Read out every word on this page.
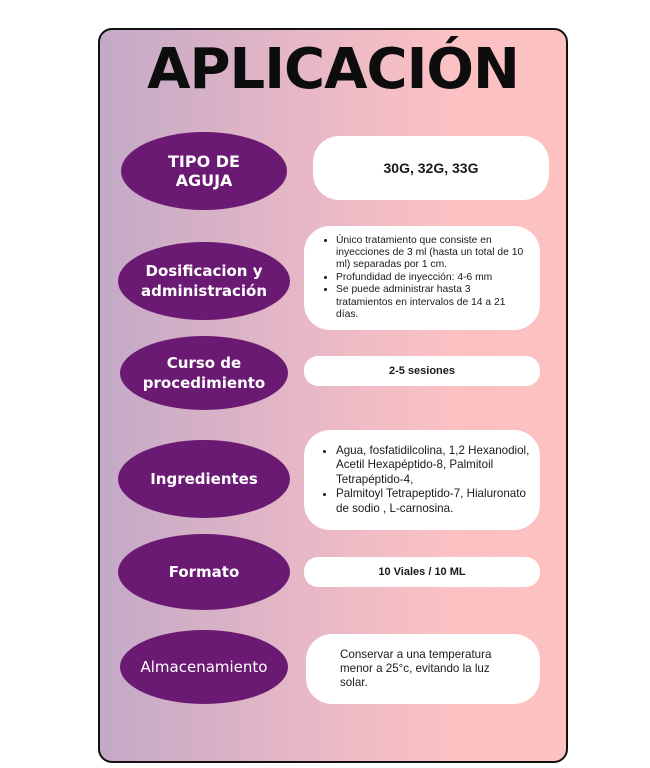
APLICACIÓN
TIPO DE AGUJA
30G, 32G, 33G
Dosificacion y administración
• Único tratamiento que consiste en inyecciones de 3 ml (hasta un total de 10 ml) separadas por 1 cm.
• Profundidad de inyección: 4-6 mm
• Se puede administrar hasta 3 tratamientos en intervalos de 14 a 21 días.
Curso de procedimiento
2-5 sesiones
Ingredientes
• Agua, fosfatidilcolina, 1,2 Hexanodiol, Acetil Hexapéptido-8, Palmitoil Tetrapéptido-4,
• Palmitoyl Tetrapeptido-7, Hialuronato de sodio , L-carnosina.
Formato	10 Viales / 10 ML
Almacenamiento

Conservar a una temperatura menor a 25°c, evitando la luz solar.
